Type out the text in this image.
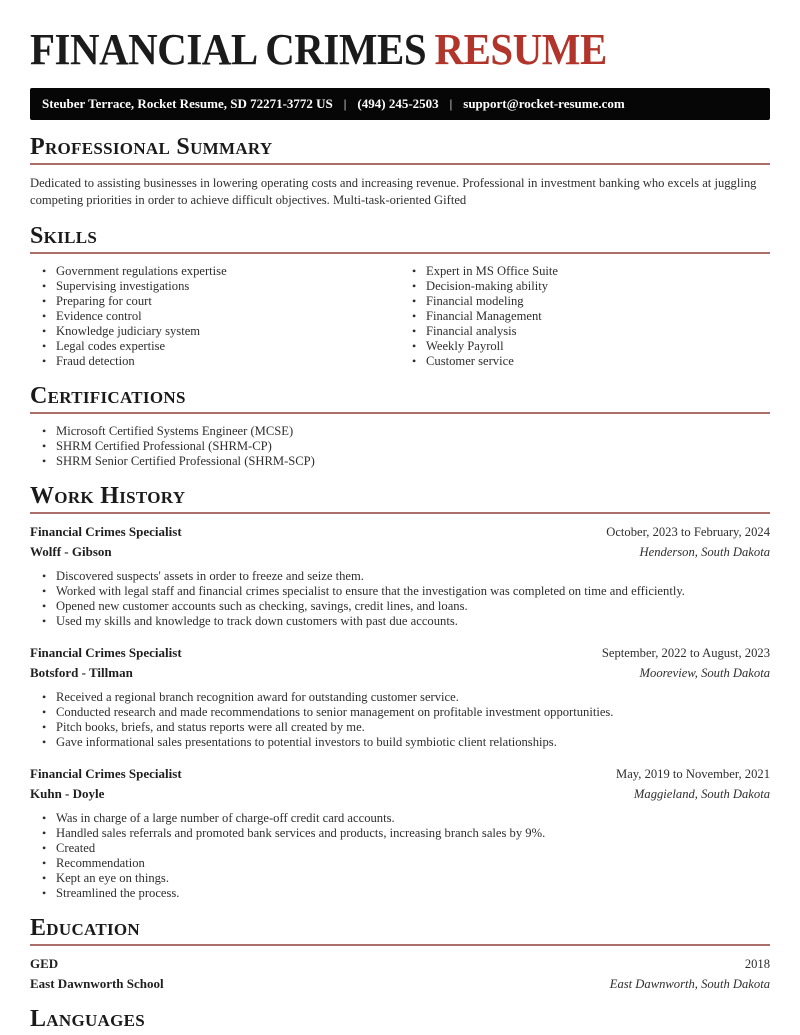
FINANCIAL CRIMES RESUME
Steuber Terrace, Rocket Resume, SD 72271-3772 US | (494) 245-2503 | support@rocket-resume.com
Professional Summary

Dedicated to assisting businesses in lowering operating costs and increasing revenue. Professional in investment banking who excels at juggling competing priorities in order to achieve difficult objectives. Multi-task-oriented Gifted

Skills
• Government regulations expertise
• Supervising investigations
• Preparing for court
• Evidence control
• Knowledge judiciary system
• Legal codes expertise
• Fraud detection
• Expert in MS Office Suite
• Decision-making ability
• Financial modeling
• Financial Management
• Financial analysis
• Weekly Payroll
• Customer service
Certifications
• Microsoft Certified Systems Engineer (MCSE)
• SHRM Certified Professional (SHRM-CP)
• SHRM Senior Certified Professional (SHRM-SCP)
Work History
Financial Crimes Specialist	October, 2023 to February, 2024
Wolff - Gibson	Henderson, South Dakota
• Discovered suspects' assets in order to freeze and seize them.
• Worked with legal staff and financial crimes specialist to ensure that the investigation was completed on time and efficiently.
• Opened new customer accounts such as checking, savings, credit lines, and loans.
• Used my skills and knowledge to track down customers with past due accounts.
Financial Crimes Specialist	September, 2022 to August, 2023
Botsford - Tillman	Mooreview, South Dakota
• Received a regional branch recognition award for outstanding customer service.
• Conducted research and made recommendations to senior management on profitable investment opportunities.
• Pitch books, briefs, and status reports were all created by me.
• Gave informational sales presentations to potential investors to build symbiotic client relationships.
Financial Crimes Specialist	May, 2019 to November, 2021
Kuhn - Doyle	Maggieland, South Dakota
• Was in charge of a large number of charge-off credit card accounts.
• Handled sales referrals and promoted bank services and products, increasing branch sales by 9%.
• Created
• Recommendation
• Kept an eye on things.
• Streamlined the process.
Education
GED	2018
East Dawnworth School	East Dawnworth, South Dakota
Languages
